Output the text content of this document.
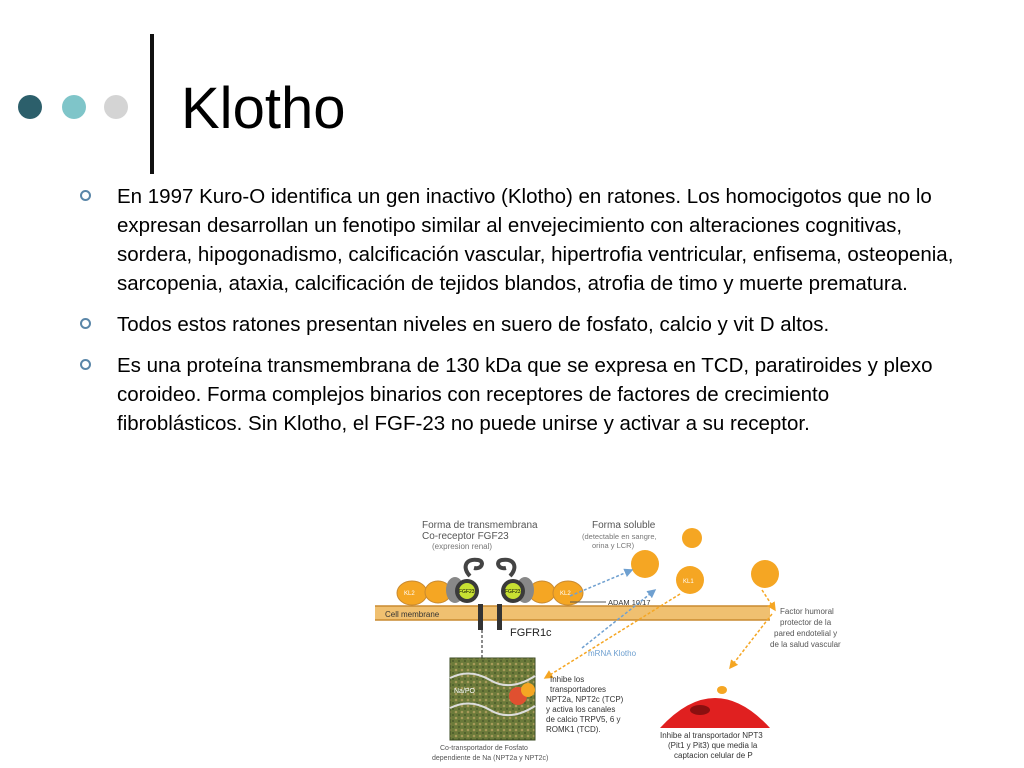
Klotho
En 1997 Kuro-O identifica un gen inactivo (Klotho) en ratones. Los homocigotos que no lo expresan desarrollan un fenotipo similar al envejecimiento con alteraciones cognitivas, sordera, hipogonadismo, calcificación vascular, hipertrofia ventricular, enfisema, osteopenia, sarcopenia, ataxia, calcificación de tejidos blandos, atrofia de timo y muerte prematura.
Todos estos ratones presentan niveles en suero de fosfato, calcio y vit D altos.
Es una proteína transmembrana de 130 kDa que se expresa en TCD, paratiroides y plexo coroideo. Forma complejos binarios con receptores de factores de crecimiento fibroblásticos. Sin Klotho, el FGF-23 no puede unirse y activar a su receptor.
Forma de transmembrana
Co-receptor FGF23
(expresion renal)
Forma soluble
(detectable en sangre,
orina y LCR)
Cell membrane
KL2	KL2
FGF23	FGF23
FGFR1c
ADAM 10/17
KL1
mRNA Klotho
Factor humoral
protector de la
pared endotelial y
de la salud vascular
Na/PO
Inhibe los
transportadores
NPT2a, NPT2c (TCP)
y activa los canales
de calcio TRPV5, 6 y
ROMK1 (TCD).
Inhibe al transportador NPT3
(Pit1 y Pit3) que media la
captacion celular de P
Co-transportador de Fosfato
dependiente de Na (NPT2a y NPT2c)
